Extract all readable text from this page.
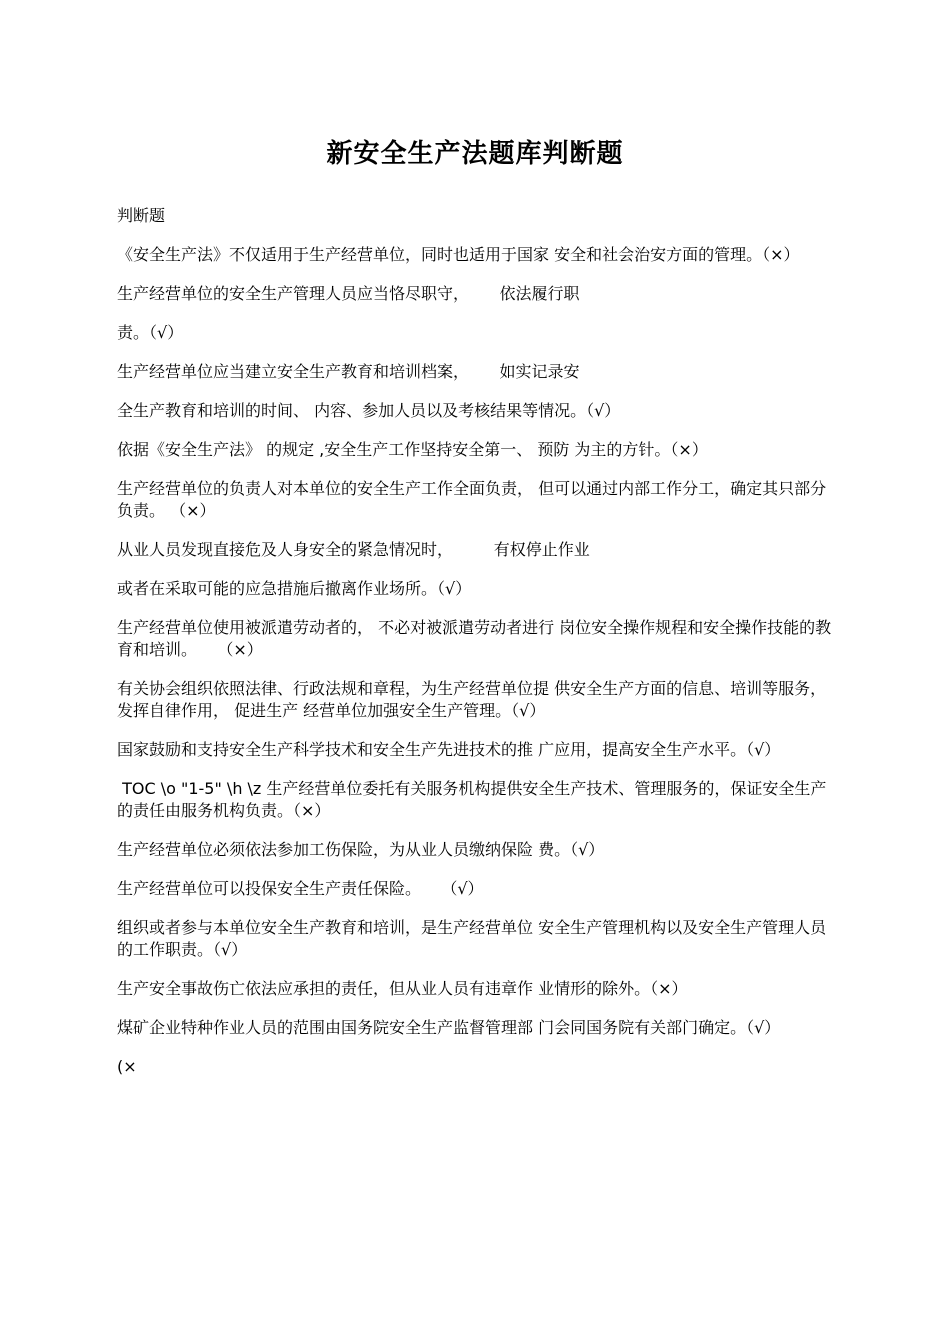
新安全生产法题库判断题

判断题

《安全生产法》不仅适用于生产经营单位，同时也适用于国家 安全和社会治安方面的管理。（×）

生产经营单位的安全生产管理人员应当恪尽职守，      依法履行职

责。（√）

生产经营单位应当建立安全生产教育和培训档案，      如实记录安

全生产教育和培训的时间、 内容、参加人员以及考核结果等情况。（√）

依据《安全生产法》 的规定 ,安全生产工作坚持安全第一、 预防 为主的方针。（×）

生产经营单位的负责人对本单位的安全生产工作全面负责， 但可以通过内部工作分工，确定其只部分负责。 （×）

从业人员发现直接危及人身安全的紧急情况时，        有权停止作业

或者在采取可能的应急措施后撤离作业场所。（√）

生产经营单位使用被派遣劳动者的， 不必对被派遣劳动者进行 岗位安全操作规程和安全操作技能的教育和培训。    （×）

有关协会组织依照法律、行政法规和章程，为生产经营单位提 供安全生产方面的信息、培训等服务， 发挥自律作用， 促进生产 经营单位加强安全生产管理。（√）

国家鼓励和支持安全生产科学技术和安全生产先进技术的推 广应用，提高安全生产水平。（√）

TOC \o "1-5" \h \z 生产经营单位委托有关服务机构提供安全生产技术、管理服务的，保证安全生产的责任由服务机构负责。（×）

生产经营单位必须依法参加工伤保险，为从业人员缴纳保险 费。（√）

生产经营单位可以投保安全生产责任保险。    （√）

组织或者参与本单位安全生产教育和培训，是生产经营单位 安全生产管理机构以及安全生产管理人员的工作职责。（√）

生产安全事故伤亡依法应承担的责任，但从业人员有违章作 业情形的除外。（×）

煤矿企业特种作业人员的范围由国务院安全生产监督管理部 门会同国务院有关部门确定。（√）

(×
